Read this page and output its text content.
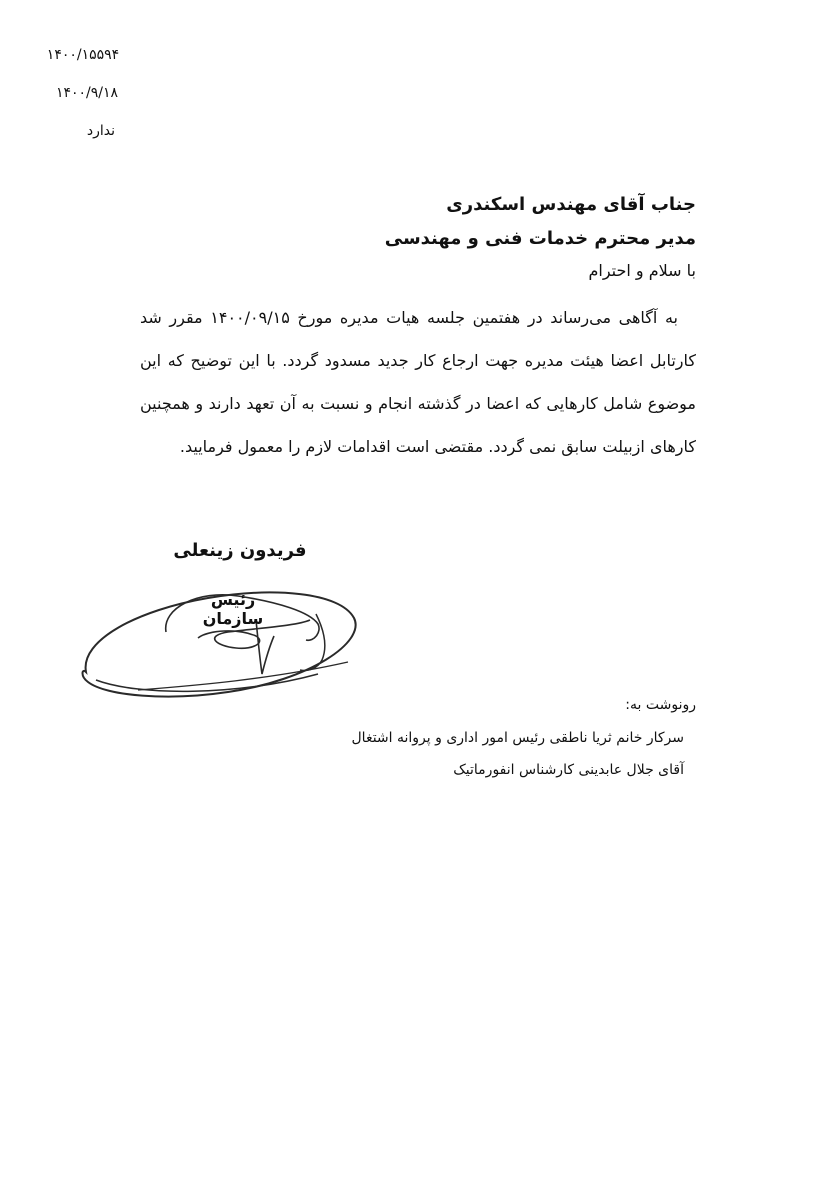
۱۴۰۰/۱۵۵۹۴
۱۴۰۰/۹/۱۸
ندارد
جناب آقای مهندس اسکندری
مدیر محترم خدمات فنی و مهندسی
با سلام و احترام
به آگاهی می‌رساند در هفتمین جلسه هیات مدیره مورخ ۱۴۰۰/۰۹/۱۵ مقرر شد کارتابل اعضا هیئت مدیره جهت ارجاع کار جدید مسدود گردد. با این توضیح که این موضوع شامل کارهایی که اعضا در گذشته انجام و نسبت به آن تعهد دارند و همچنین کارهای ازبیلت سابق نمی گردد. مقتضی است اقدامات لازم را معمول فرمایید.
فریدون زینعلی
رئیس سازمان
رونوشت به:
سرکار خانم ثریا ناطقی رئیس امور اداری و پروانه اشتغال
آقای جلال عابدینی کارشناس انفورماتیک
